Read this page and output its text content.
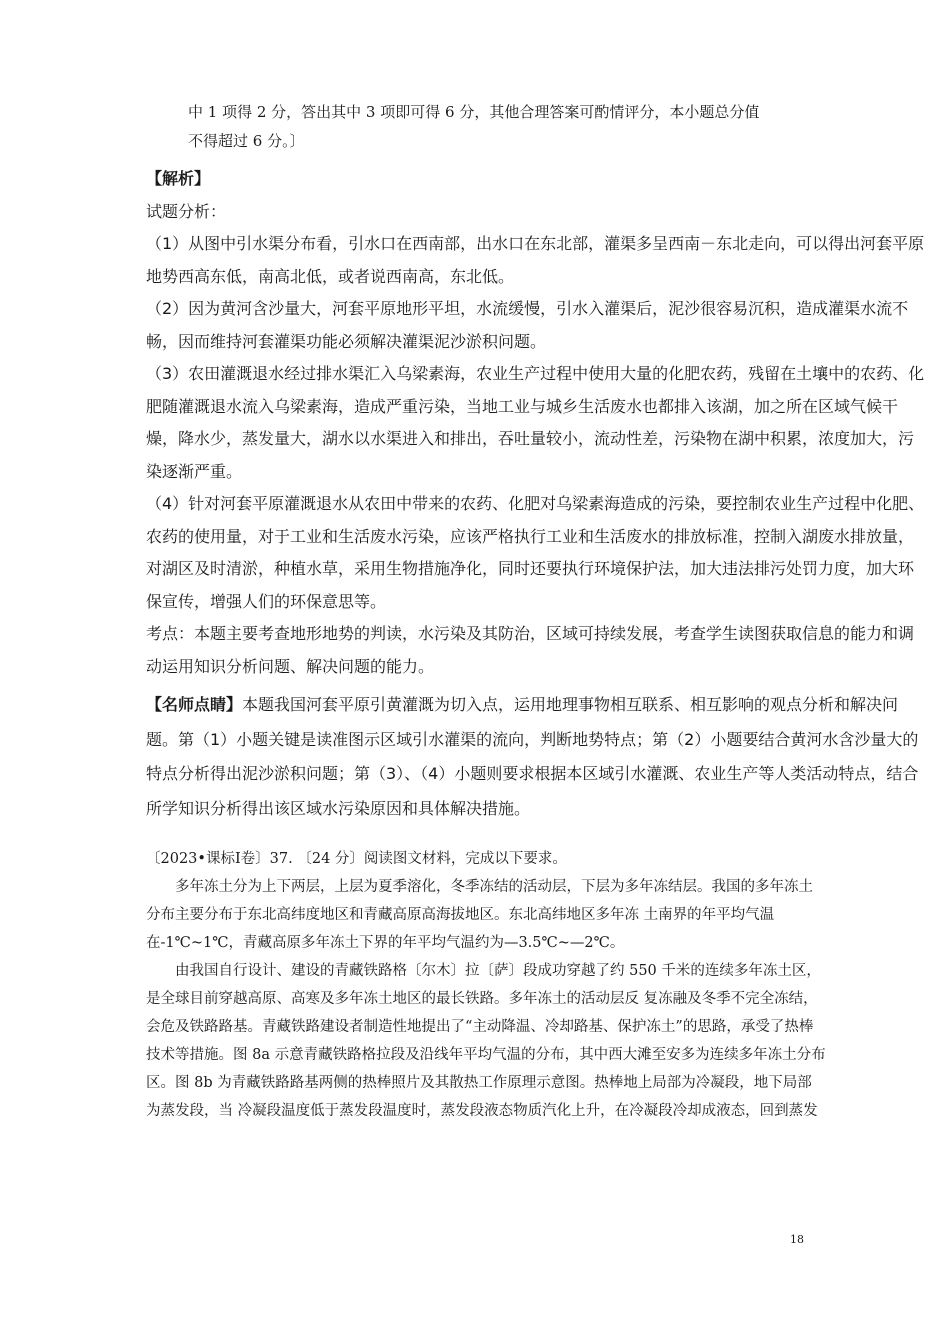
中 1 项得 2 分，答出其中 3 项即可得 6 分，其他合理答案可酌情评分，本小题总分值

不得超过 6 分。〕

【解析】

试题分析：

（1）从图中引水渠分布看，引水口在西南部，出水口在东北部，灌渠多呈西南－东北走向，可以得出河套平原地势西高东低，南高北低，或者说西南高，东北低。

（2）因为黄河含沙量大，河套平原地形平坦，水流缓慢，引水入灌渠后，泥沙很容易沉积，造成灌渠水流不畅，因而维持河套灌渠功能必须解决灌渠泥沙淤积问题。

（3）农田灌溉退水经过排水渠汇入乌梁素海，农业生产过程中使用大量的化肥农药，残留在土壤中的农药、化肥随灌溉退水流入乌梁素海，造成严重污染，当地工业与城乡生活废水也都排入该湖，加之所在区域气候干燥，降水少，蒸发量大，湖水以水渠进入和排出，吞吐量较小，流动性差，污染物在湖中积累，浓度加大，污染逐渐严重。

（4）针对河套平原灌溉退水从农田中带来的农药、化肥对乌梁素海造成的污染，要控制农业生产过程中化肥、农药的使用量，对于工业和生活废水污染，应该严格执行工业和生活废水的排放标准，控制入湖废水排放量，对湖区及时清淤，种植水草，采用生物措施净化，同时还要执行环境保护法，加大违法排污处罚力度，加大环保宣传，增强人们的环保意思等。

考点：本题主要考查地形地势的判读，水污染及其防治，区域可持续发展，考查学生读图获取信息的能力和调动运用知识分析问题、解决问题的能力。

【名师点睛】本题我国河套平原引黄灌溉为切入点，运用地理事物相互联系、相互影响的观点分析和解决问题。第（1）小题关键是读准图示区域引水灌渠的流向，判断地势特点；第（2）小题要结合黄河水含沙量大的特点分析得出泥沙淤积问题；第（3）、（4）小题则要求根据本区域引水灌溉、农业生产等人类活动特点，结合所学知识分析得出该区域水污染原因和具体解决措施。

〔2023•课标Ⅰ卷〕37. 〔24 分〕阅读图文材料，完成以下要求。

多年冻土分为上下两层，上层为夏季溶化，冬季冻结的活动层，下层为多年冻结层。我国的多年冻土分布主要分布于东北高纬度地区和青藏高原高海拔地区。东北高纬地区多年冻 土南界的年平均气温在-1℃~1℃，青藏高原多年冻土下界的年平均气温约为—3.5℃~—2℃。

由我国自行设计、建设的青藏铁路格〔尔木〕拉〔萨〕段成功穿越了约 550 千米的连续多年冻土区，是全球目前穿越高原、高寒及多年冻土地区的最长铁路。多年冻土的活动层反 复冻融及冬季不完全冻结，会危及铁路路基。青藏铁路建设者制造性地提出了“主动降温、冷却路基、保护冻土”的思路，承受了热棒技术等措施。图 8a 示意青藏铁路格拉段及沿线年平均气温的分布，其中西大滩至安多为连续多年冻土分布区。图 8b 为青藏铁路路基两侧的热棒照片及其散热工作原理示意图。热棒地上局部为冷凝段，地下局部为蒸发段，当 冷凝段温度低于蒸发段温度时，蒸发段液态物质汽化上升，在冷凝段冷却成液态，回到蒸发

18
